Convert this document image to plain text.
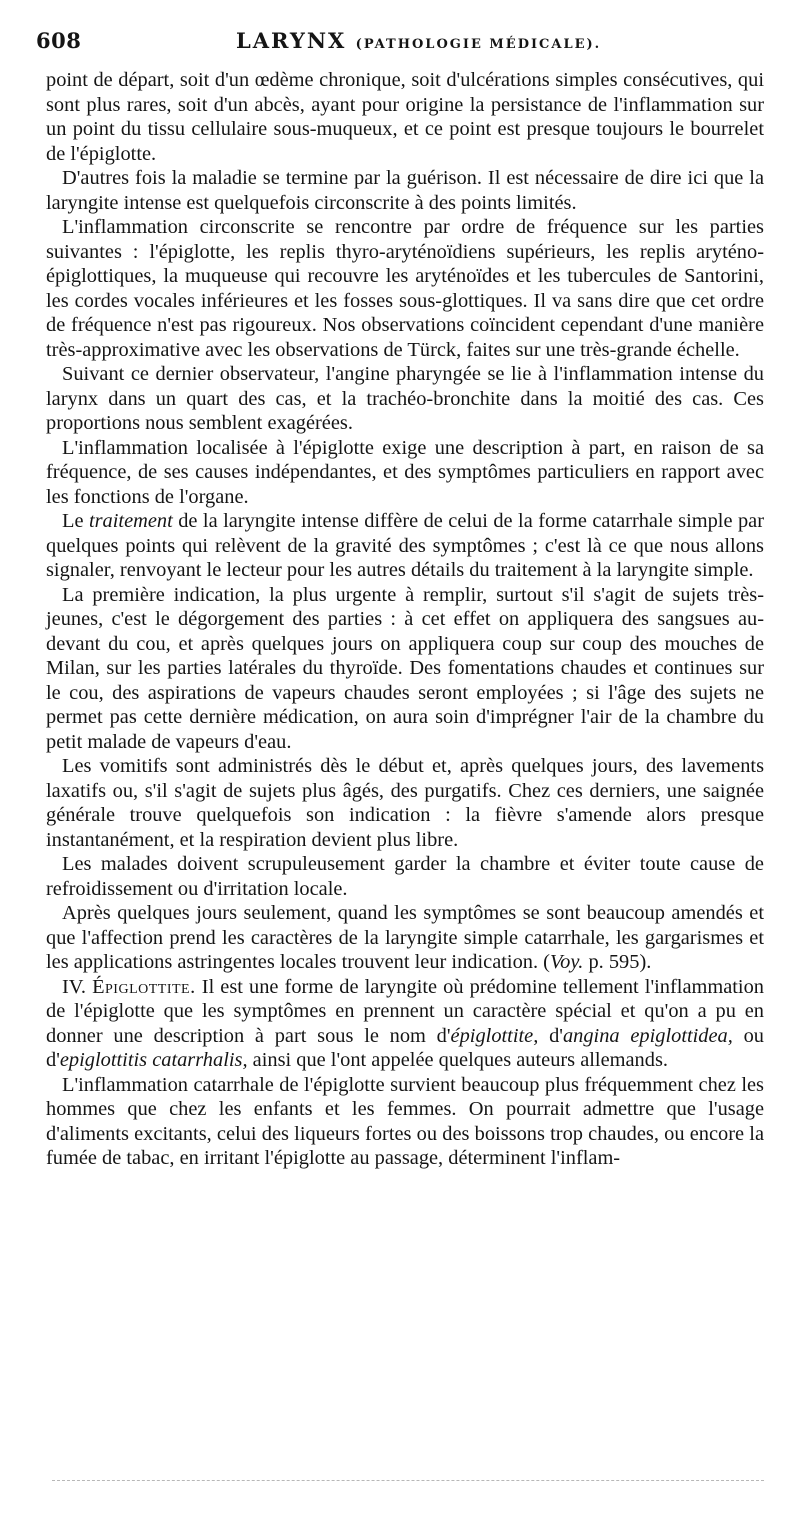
608	LARYNX (PATHOLOGIE MÉDICALE).

point de départ, soit d'un œdème chronique, soit d'ulcérations simples consécutives, qui sont plus rares, soit d'un abcès, ayant pour origine la persistance de l'inflammation sur un point du tissu cellulaire sous-muqueux, et ce point est presque toujours le bourrelet de l'épiglotte.

D'autres fois la maladie se termine par la guérison. Il est nécessaire de dire ici que la laryngite intense est quelquefois circonscrite à des points limités.

L'inflammation circonscrite se rencontre par ordre de fréquence sur les parties suivantes : l'épiglotte, les replis thyro-aryténoïdiens supérieurs, les replis aryténo-épiglottiques, la muqueuse qui recouvre les aryténoïdes et les tubercules de Santorini, les cordes vocales inférieures et les fosses sous-glottiques. Il va sans dire que cet ordre de fréquence n'est pas rigoureux. Nos observations coïncident cependant d'une manière très-approximative avec les observations de Türck, faites sur une très-grande échelle.

Suivant ce dernier observateur, l'angine pharyngée se lie à l'inflammation intense du larynx dans un quart des cas, et la trachéo-bronchite dans la moitié des cas. Ces proportions nous semblent exagérées.

L'inflammation localisée à l'épiglotte exige une description à part, en raison de sa fréquence, de ses causes indépendantes, et des symptômes particuliers en rapport avec les fonctions de l'organe.

Le traitement de la laryngite intense diffère de celui de la forme catarrhale simple par quelques points qui relèvent de la gravité des symptômes ; c'est là ce que nous allons signaler, renvoyant le lecteur pour les autres détails du traitement à la laryngite simple.

La première indication, la plus urgente à remplir, surtout s'il s'agit de sujets très-jeunes, c'est le dégorgement des parties : à cet effet on appliquera des sangsues au-devant du cou, et après quelques jours on appliquera coup sur coup des mouches de Milan, sur les parties latérales du thyroïde. Des fomentations chaudes et continues sur le cou, des aspirations de vapeurs chaudes seront employées ; si l'âge des sujets ne permet pas cette dernière médication, on aura soin d'imprégner l'air de la chambre du petit malade de vapeurs d'eau.

Les vomitifs sont administrés dès le début et, après quelques jours, des lavements laxatifs ou, s'il s'agit de sujets plus âgés, des purgatifs. Chez ces derniers, une saignée générale trouve quelquefois son indication : la fièvre s'amende alors presque instantanément, et la respiration devient plus libre.

Les malades doivent scrupuleusement garder la chambre et éviter toute cause de refroidissement ou d'irritation locale.

Après quelques jours seulement, quand les symptômes se sont beaucoup amendés et que l'affection prend les caractères de la laryngite simple catarrhale, les gargarismes et les applications astringentes locales trouvent leur indication. (Voy. p. 595).

IV. Épiglottite. Il est une forme de laryngite où prédomine tellement l'inflammation de l'épiglotte que les symptômes en prennent un caractère spécial et qu'on a pu en donner une description à part sous le nom d'épiglottite, d'angina epiglottidea, ou d'epiglottitis catarrhalis, ainsi que l'ont appelée quelques auteurs allemands.

L'inflammation catarrhale de l'épiglotte survient beaucoup plus fréquemment chez les hommes que chez les enfants et les femmes. On pourrait admettre que l'usage d'aliments excitants, celui des liqueurs fortes ou des boissons trop chaudes, ou encore la fumée de tabac, en irritant l'épiglotte au passage, déterminent l'inflam-
